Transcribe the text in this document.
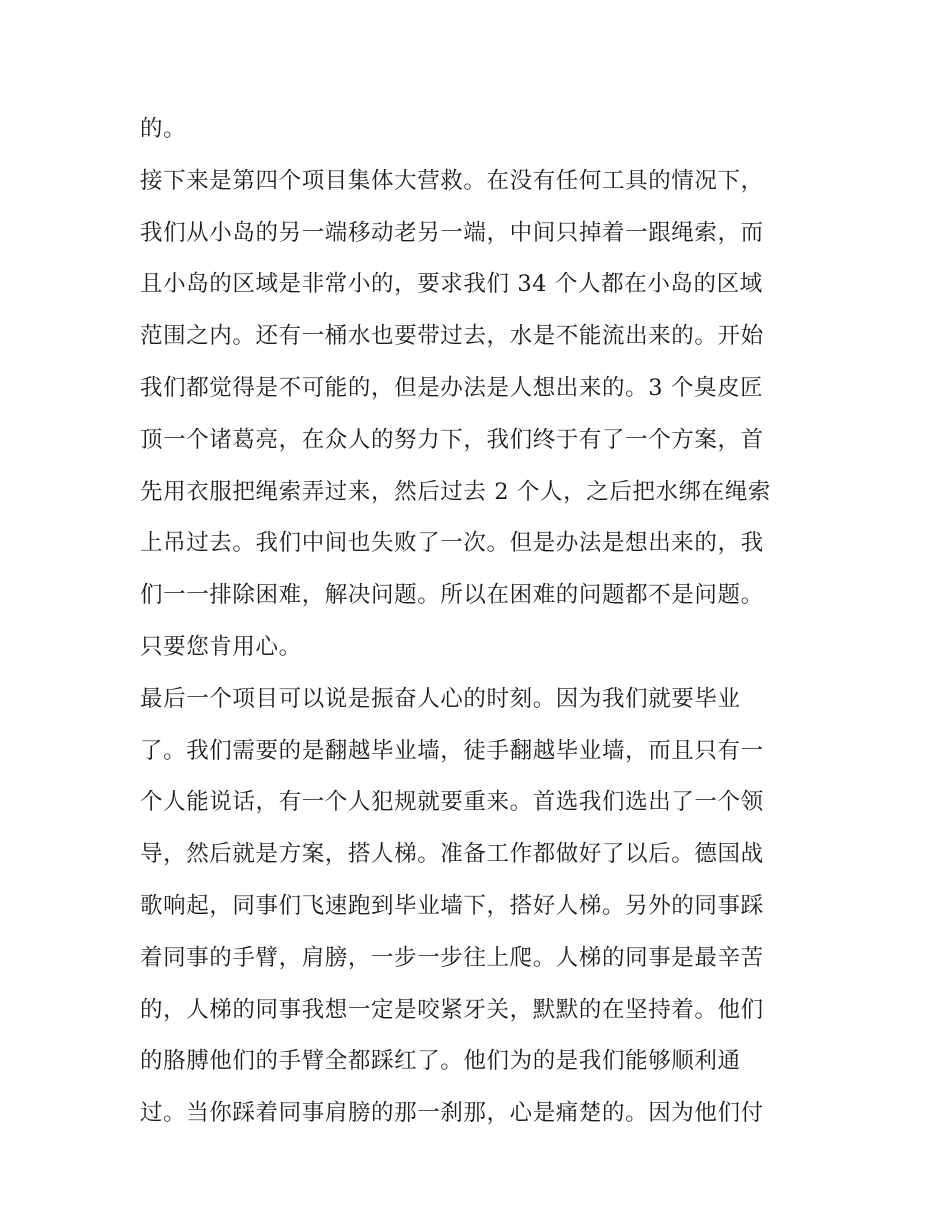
的。
接下来是第四个项目集体大营救。在没有任何工具的情况下，
我们从小岛的另一端移动老另一端，中间只掉着一跟绳索，而
且小岛的区域是非常小的，要求我们 34 个人都在小岛的区域
范围之内。还有一桶水也要带过去，水是不能流出来的。开始
我们都觉得是不可能的，但是办法是人想出来的。3 个臭皮匠
顶一个诸葛亮，在众人的努力下，我们终于有了一个方案，首
先用衣服把绳索弄过来，然后过去 2 个人，之后把水绑在绳索
上吊过去。我们中间也失败了一次。但是办法是想出来的，我
们一一排除困难，解决问题。所以在困难的问题都不是问题。
只要您肯用心。
最后一个项目可以说是振奋人心的时刻。因为我们就要毕业
了。我们需要的是翻越毕业墙，徒手翻越毕业墙，而且只有一
个人能说话，有一个人犯规就要重来。首选我们选出了一个领
导，然后就是方案，搭人梯。准备工作都做好了以后。德国战
歌响起，同事们飞速跑到毕业墙下，搭好人梯。另外的同事踩
着同事的手臂，肩膀，一步一步往上爬。人梯的同事是最辛苦
的，人梯的同事我想一定是咬紧牙关，默默的在坚持着。他们
的胳膊他们的手臂全都踩红了。他们为的是我们能够顺利通
过。当你踩着同事肩膀的那一刹那，心是痛楚的。因为他们付
